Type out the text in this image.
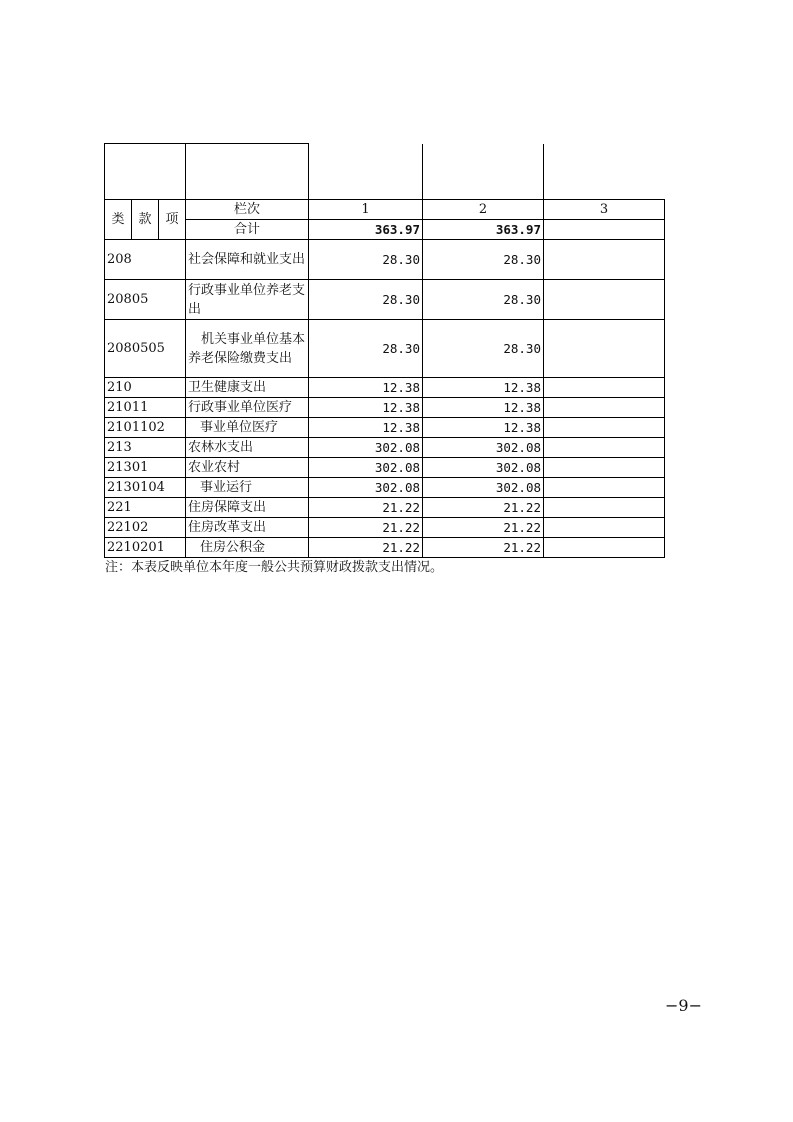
类	款	项	栏次	1	2	3
			合计	363.97	363.97	
208			社会保障和就业支出	28.30	28.30	
20805			行政事业单位养老支出	28.30	28.30	
2080505			机关事业单位基本养老保险缴费支出	28.30	28.30	
210			卫生健康支出	12.38	12.38	
21011			行政事业单位医疗	12.38	12.38	
2101102			事业单位医疗	12.38	12.38	
213			农林水支出	302.08	302.08	
21301			农业农村	302.08	302.08	
2130104			事业运行	302.08	302.08	
221			住房保障支出	21.22	21.22	
22102			住房改革支出	21.22	21.22	
2210201			住房公积金	21.22	21.22	
注：本表反映单位本年度一般公共预算财政拨款支出情况。
−9−
